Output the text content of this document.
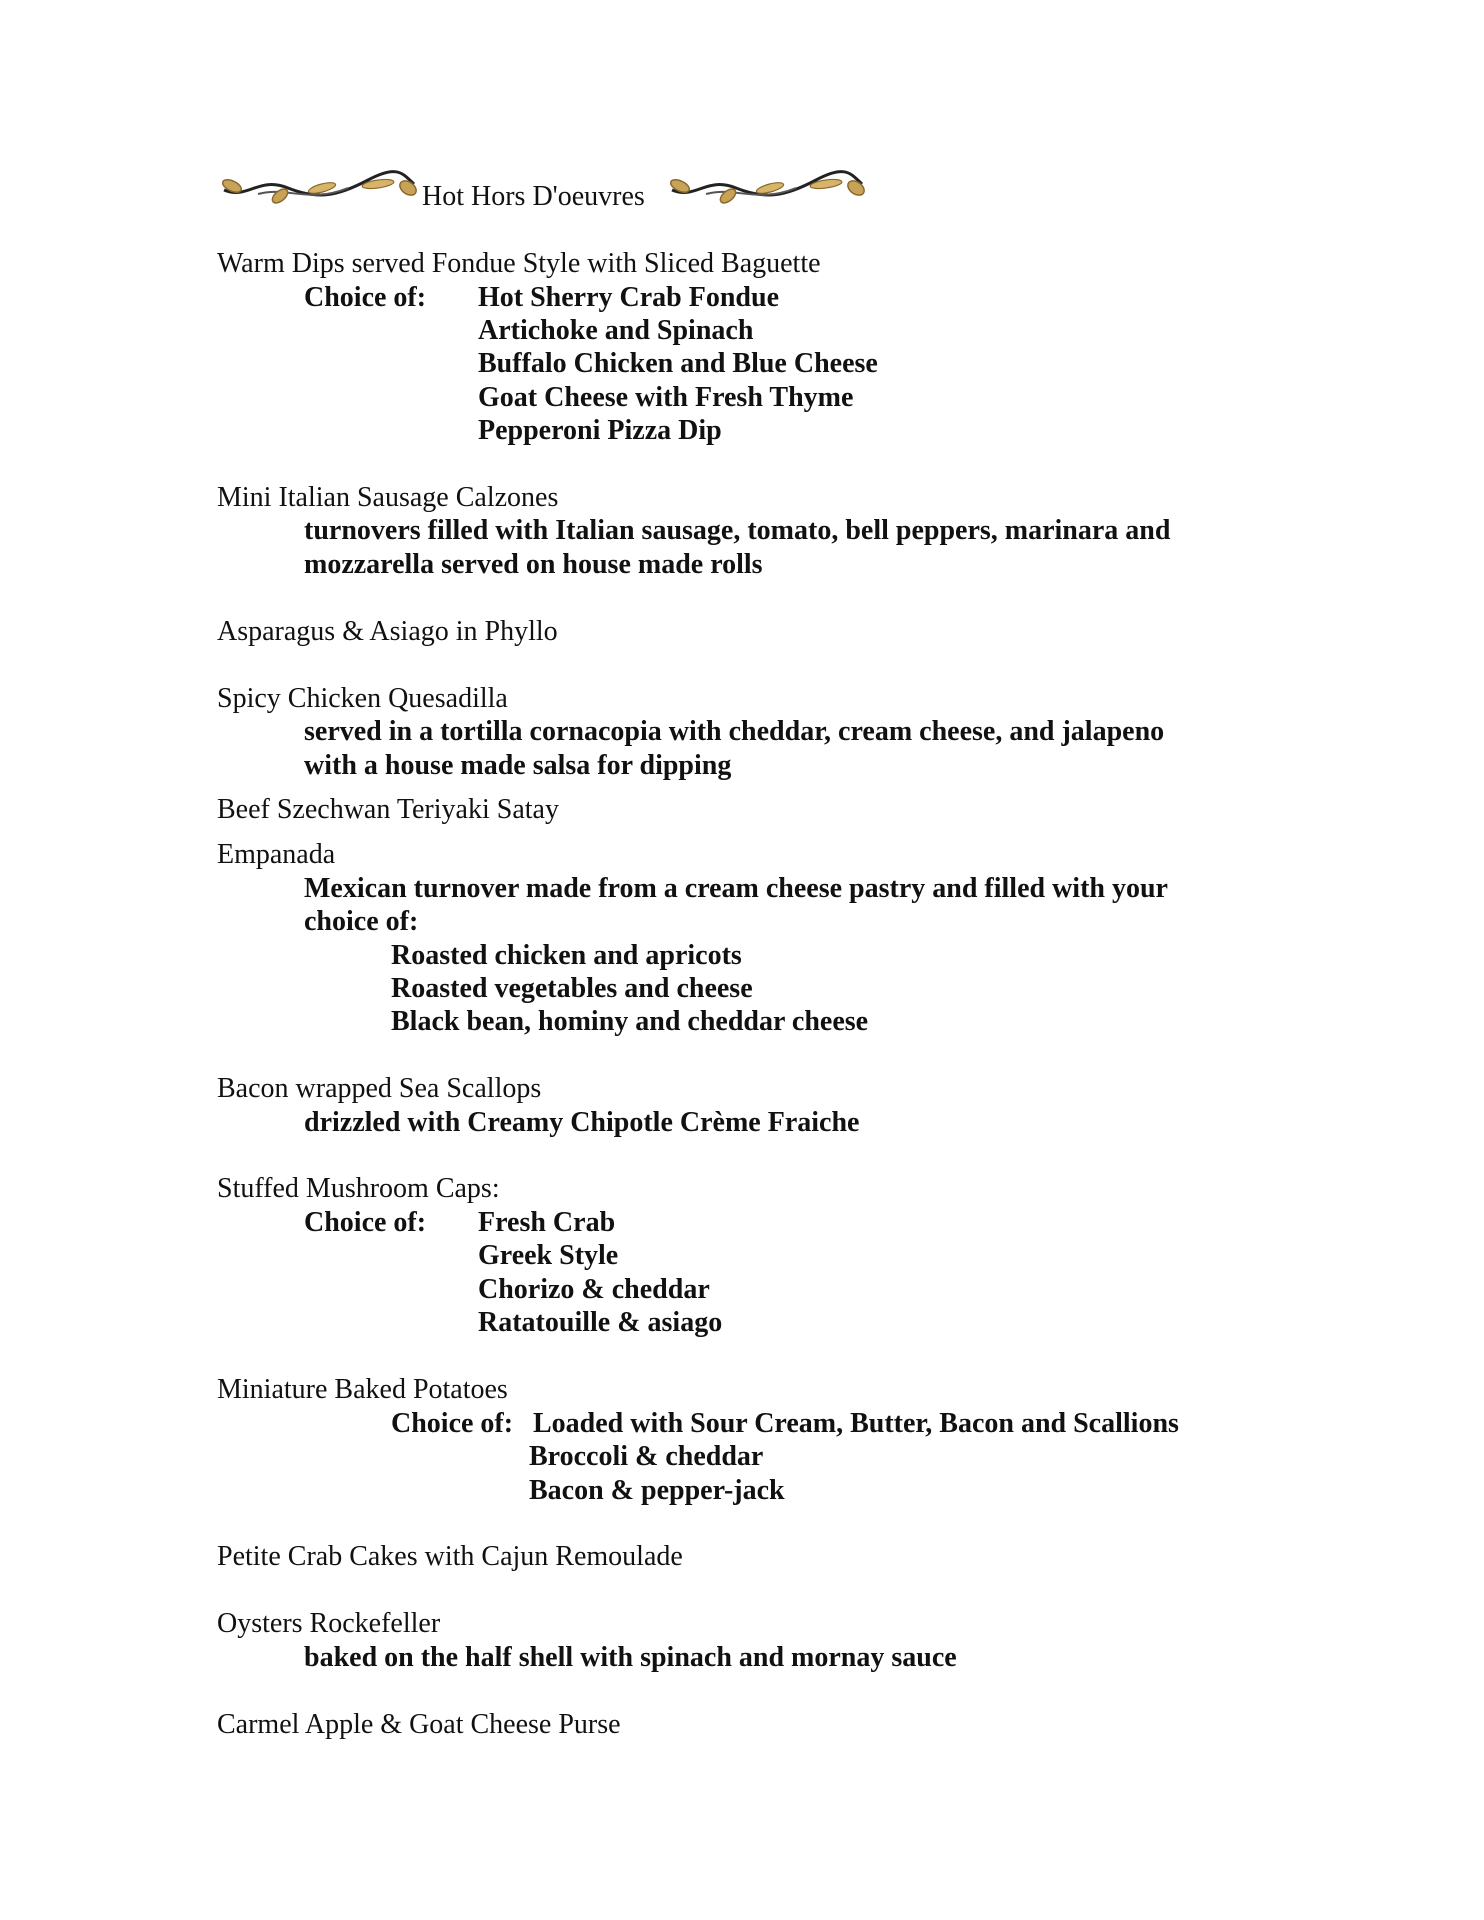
Hot Hors D'oeuvres
Warm Dips served Fondue Style with Sliced Baguette
Choice of: Hot Sherry Crab Fondue
Artichoke and Spinach
Buffalo Chicken and Blue Cheese
Goat Cheese with Fresh Thyme
Pepperoni Pizza Dip
Mini Italian Sausage Calzones
turnovers filled with Italian sausage, tomato, bell peppers, marinara and
mozzarella served on house made rolls
Asparagus & Asiago in Phyllo
Spicy Chicken Quesadilla
served in a tortilla cornacopia with cheddar, cream cheese, and jalapeno
with a house made salsa for dipping
Beef Szechwan Teriyaki Satay
Empanada
Mexican turnover made from a cream cheese pastry and filled with your
choice of:
Roasted chicken and apricots
Roasted vegetables and cheese
Black bean, hominy and cheddar cheese
Bacon wrapped Sea Scallops
drizzled with Creamy Chipotle Crème Fraiche
Stuffed Mushroom Caps:
Choice of: Fresh Crab
Greek Style
Chorizo & cheddar
Ratatouille & asiago
Miniature Baked Potatoes
Choice of: Loaded with Sour Cream, Butter, Bacon and Scallions
Broccoli & cheddar
Bacon & pepper-jack
Petite Crab Cakes with Cajun Remoulade
Oysters Rockefeller
baked on the half shell with spinach and mornay sauce
Carmel Apple & Goat Cheese Purse
